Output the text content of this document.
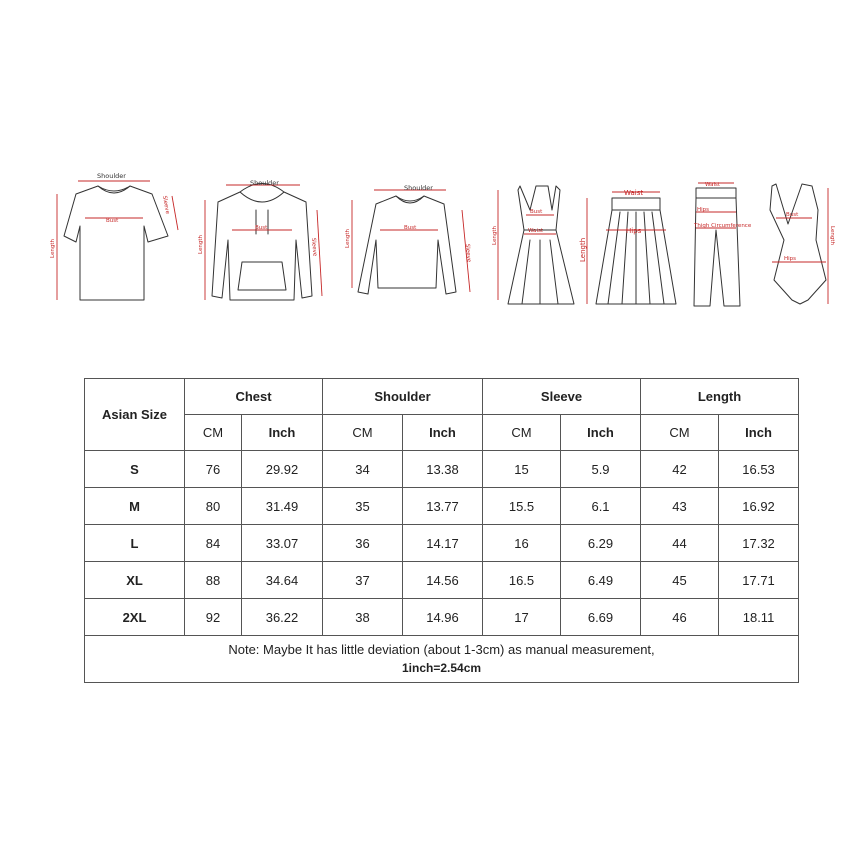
Shoulder
Bust
Length
Sleeve
Shoulder
Bust
Length	Sleeve
Shoulder
Bust
Length
Sleeve
Bust
Waist
Length
Waist
Hips
Length
Waist
Hips
Thigh Circumference
Bust
Hips
Length
Asian Size	Chest		Shoulder		Sleeve		Length	
	CM	Inch	CM	Inch	CM	Inch	CM	Inch
S	76	29.92	34	13.38	15	5.9	42	16.53
M	80	31.49	35	13.77	15.5	6.1	43	16.92
L	84	33.07	36	14.17	16	6.29	44	17.32
XL	88	34.64	37	14.56	16.5	6.49	45	17.71
2XL	92	36.22	38	14.96	17	6.69	46	18.11

Note: Maybe It has little deviation (about 1-3cm) as manual measurement,
1inch=2.54cm								
